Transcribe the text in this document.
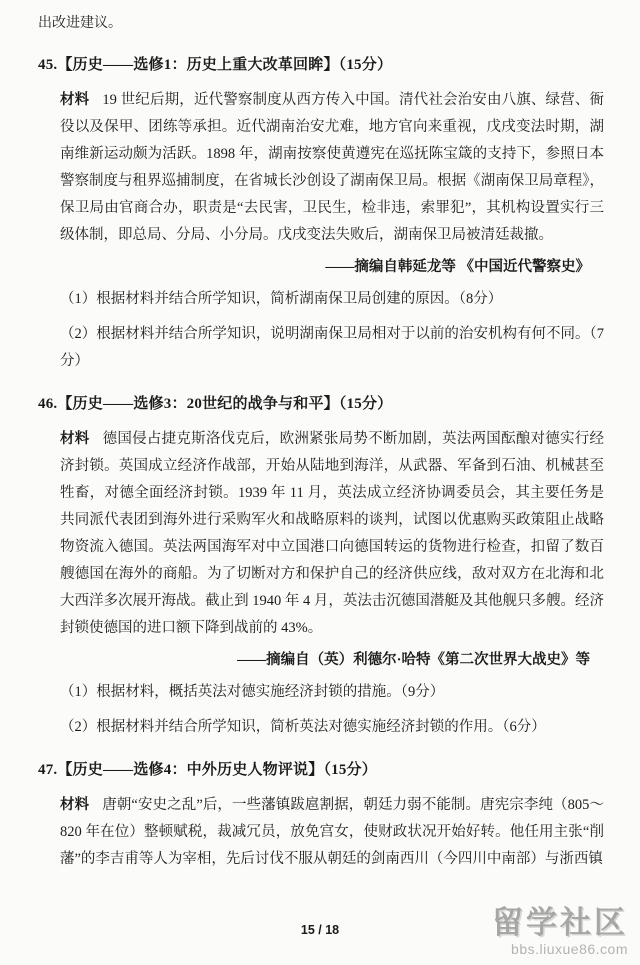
出改进建议。

45.【历史——选修1：历史上重大改革回眸】（15分）

材料 19 世纪后期，近代警察制度从西方传入中国。清代社会治安由八旗、绿营、衙役以及保甲、团练等承担。近代湖南治安尤难，地方官向来重视，戊戌变法时期，湖南维新运动颇为活跃。1898 年，湖南按察使黄遵宪在巡抚陈宝箴的支持下，参照日本警察制度与租界巡捕制度，在省城长沙创设了湖南保卫局。根据《湖南保卫局章程》，保卫局由官商合办，职责是“去民害，卫民生，检非违，索罪犯”，其机构设置实行三级体制，即总局、分局、小分局。戊戌变法失败后，湖南保卫局被清廷裁撤。

——摘编自韩延龙等 《中国近代警察史》

（1）根据材料并结合所学知识，简析湖南保卫局创建的原因。（8分）

（2）根据材料并结合所学知识，说明湖南保卫局相对于以前的治安机构有何不同。（7分）

46.【历史——选修3：20世纪的战争与和平】（15分）

材料 德国侵占捷克斯洛伐克后，欧洲紧张局势不断加剧，英法两国酝酿对德实行经济封锁。英国成立经济作战部，开始从陆地到海洋，从武器、军备到石油、机械甚至牲畜，对德全面经济封锁。1939 年 11 月，英法成立经济协调委员会，其主要任务是共同派代表团到海外进行采购军火和战略原料的谈判，试图以优惠购买政策阻止战略物资流入德国。英法两国海军对中立国港口向德国转运的货物进行检查，扣留了数百艘德国在海外的商船。为了切断对方和保护自己的经济供应线，敌对双方在北海和北大西洋多次展开海战。截止到 1940 年 4 月，英法击沉德国潜艇及其他舰只多艘。经济封锁使德国的进口额下降到战前的 43%。

——摘编自（英）利德尔·哈特《第二次世界大战史》等

（1）根据材料，概括英法对德实施经济封锁的措施。（9分）

（2）根据材料并结合所学知识，简析英法对德实施经济封锁的作用。（6分）

47.【历史——选修4：中外历史人物评说】（15分）

材料 唐朝“安史之乱”后，一些藩镇跋扈割据，朝廷力弱不能制。唐宪宗李纯（805～820 年在位）整顿赋税，裁减冗员，放免宫女，使财政状况开始好转。他任用主张“削藩”的李吉甫等人为宰相，先后讨伐不服从朝廷的剑南西川（今四川中南部）与浙西镇

15 / 18	留学社区
bbs.liuxue86.com
